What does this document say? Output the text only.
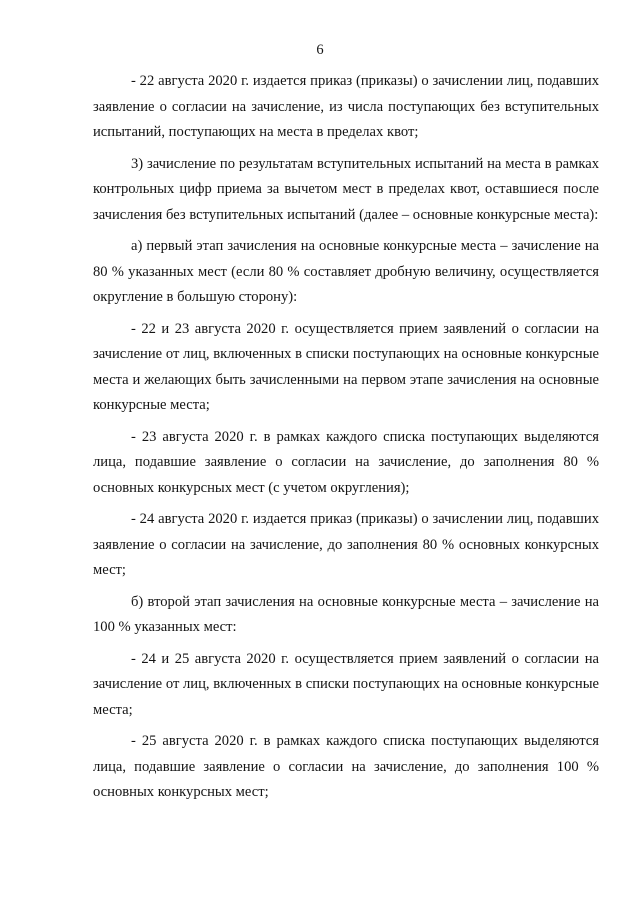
6

- 22 августа 2020 г. издается приказ (приказы) о зачислении лиц, подавших заявление о согласии на зачисление, из числа поступающих без вступительных испытаний, поступающих на места в пределах квот;

3) зачисление по результатам вступительных испытаний на места в рамках контрольных цифр приема за вычетом мест в пределах квот, оставшиеся после зачисления без вступительных испытаний (далее – основные конкурсные места):

а) первый этап зачисления на основные конкурсные места – зачисление на 80 % указанных мест (если 80 % составляет дробную величину, осуществляется округление в большую сторону):

- 22 и 23 августа 2020 г. осуществляется прием заявлений о согласии на зачисление от лиц, включенных в списки поступающих на основные конкурсные места и желающих быть зачисленными на первом этапе зачисления на основные конкурсные места;

- 23 августа 2020 г. в рамках каждого списка поступающих выделяются лица, подавшие заявление о согласии на зачисление, до заполнения 80 % основных конкурсных мест (с учетом округления);

- 24 августа 2020 г. издается приказ (приказы) о зачислении лиц, подавших заявление о согласии на зачисление, до заполнения 80 % основных конкурсных мест;

б) второй этап зачисления на основные конкурсные места – зачисление на 100 % указанных мест:

- 24 и 25 августа 2020 г. осуществляется прием заявлений о согласии на зачисление от лиц, включенных в списки поступающих на основные конкурсные места;

- 25 августа 2020 г. в рамках каждого списка поступающих выделяются лица, подавшие заявление о согласии на зачисление, до заполнения 100 % основных конкурсных мест;
